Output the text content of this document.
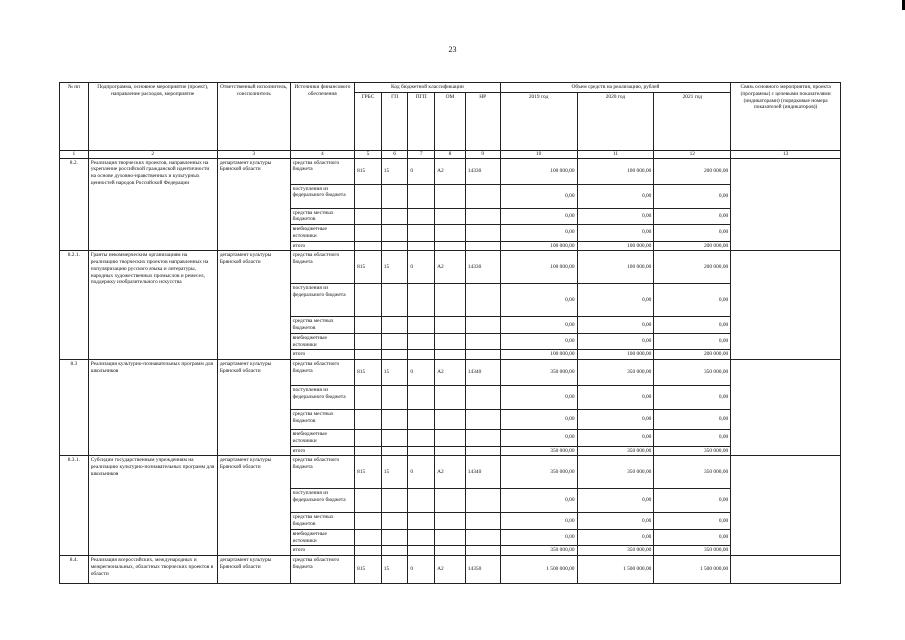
23
№ пп	Подпрограмма, основное мероприятие (проект), направление расходов, мероприятие	Ответственный исполнитель, соисполнитель	Источники финансового обеспечения	Код бюджетной классификации					Объем средств на реализацию, рублей			Связь основного мероприятия, проекта (программы) с целевыми показателями (индикаторами) (порядковые номера показателей (индикаторов))
				ГРБС	ГП	ПГП	ОМ	НР	2019 год	2020 год	2021 год	
1	2	3	4	5	6	7	8	9	10	11	12	13
8.2.	Реализация творческих проектов, направленных на укрепление российской гражданской идентичности на основе духовно-нравственных и культурных ценностей народов Российской Федерации	департамент культуры Брянской области	средства областного бюджета	815	15	0	A2	14330	100 000,00	100 000,00	200 000,00	
			поступления из федерального бюджета						0,00	0,00	0,00	
			средства местных бюджетов						0,00	0,00	0,00	
			внебюджетные источники						0,00	0,00	0,00	
			итого						100 000,00	100 000,00	200 000,00	
8.2.1.	Гранты некоммерческим организациям на реализацию творческих проектов направленных на популяризацию русского языка и литературы, народных художественных промыслов и ремесел, поддержку изобразительного искусства	департамент культуры Брянской области	средства областного бюджета	815	15	0	A2	14330	100 000,00	100 000,00	200 000,00	
			поступления из федерального бюджета						0,00	0,00	0,00	
			средства местных бюджетов						0,00	0,00	0,00	
			внебюджетные источники						0,00	0,00	0,00	
			итого						100 000,00	100 000,00	200 000,00	
8.3	Реализация культурно-познавательных программ для школьников	департамент культуры Брянской области	средства областного бюджета	815	15	0	A2	14340	350 000,00	350 000,00	350 000,00	
			поступления из федерального бюджета						0,00	0,00	0,00	
			средства местных бюджетов						0,00	0,00	0,00	
			внебюджетные источники						0,00	0,00	0,00	
			итого						350 000,00	350 000,00	350 000,00	
8.3.1.	Субсидии государственным учреждениям на реализацию культурно-познавательных программ для школьников	департамент культуры Брянской области	средства областного бюджета	815	15	0	A2	14340	350 000,00	350 000,00	350 000,00	
			поступления из федерального бюджета						0,00	0,00	0,00	
			средства местных бюджетов						0,00	0,00	0,00	
			внебюджетные источники						0,00	0,00	0,00	
			итого						350 000,00	350 000,00	350 000,00	
8.4.	Реализация всероссийских, международных и межрегиональных, областных творческих проектов в области	департамент культуры Брянской области	средства областного бюджета	815	15	0	A2	14350	1 500 000,00	1 500 000,00	1 500 000,00	
